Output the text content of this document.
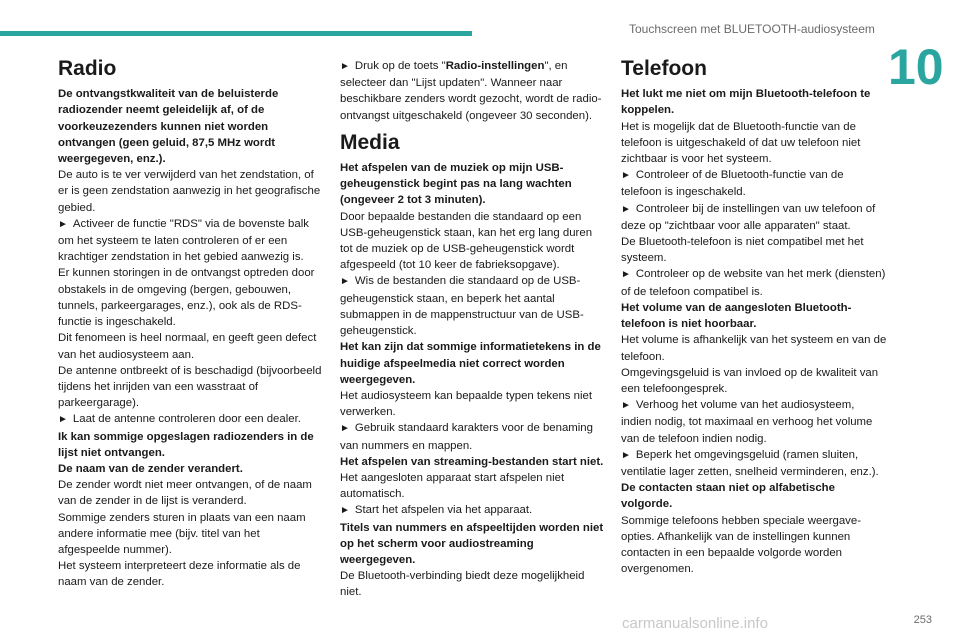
Touchscreen met BLUETOOTH-audiosysteem
10
Radio

De ontvangstkwaliteit van de beluisterde radiozender neemt geleidelijk af, of de voorkeuzezenders kunnen niet worden ontvangen (geen geluid, 87,5 MHz wordt weergegeven, enz.).

De auto is te ver verwijderd van het zendstation, of er is geen zendstation aanwezig in het geografische gebied.

► Activeer de functie "RDS" via de bovenste balk om het systeem te laten controleren of er een krachtiger zendstation in het gebied aanwezig is.

Er kunnen storingen in de ontvangst optreden door obstakels in de omgeving (bergen, gebouwen, tunnels, parkeergarages, enz.), ook als de RDS-functie is ingeschakeld.

Dit fenomeen is heel normaal, en geeft geen defect van het audiosysteem aan.

De antenne ontbreekt of is beschadigd (bijvoorbeeld tijdens het inrijden van een wasstraat of parkeergarage).

► Laat de antenne controleren door een dealer.

Ik kan sommige opgeslagen radiozenders in de lijst niet ontvangen.

De naam van de zender verandert.

De zender wordt niet meer ontvangen, of de naam van de zender in de lijst is veranderd.

Sommige zenders sturen in plaats van een naam andere informatie mee (bijv. titel van het afgespeelde nummer).

Het systeem interpreteert deze informatie als de naam van de zender.

► Druk op de toets "Radio-instellingen", en selecteer dan "Lijst updaten". Wanneer naar beschikbare zenders wordt gezocht, wordt de radio-ontvangst uitgeschakeld (ongeveer 30 seconden).

Media

Het afspelen van de muziek op mijn USB-geheugenstick begint pas na lang wachten (ongeveer 2 tot 3 minuten).

Door bepaalde bestanden die standaard op een USB-geheugenstick staan, kan het erg lang duren tot de muziek op de USB-geheugenstick wordt afgespeeld (tot 10 keer de fabrieksopgave).

► Wis de bestanden die standaard op de USB-geheugenstick staan, en beperk het aantal submappen in de mappenstructuur van de USB-geheugenstick.

Het kan zijn dat sommige informatietekens in de huidige afspeelmedia niet correct worden weergegeven.

Het audiosysteem kan bepaalde typen tekens niet verwerken.

► Gebruik standaard karakters voor de benaming van nummers en mappen.

Het afspelen van streaming-bestanden start niet.

Het aangesloten apparaat start afspelen niet automatisch.

► Start het afspelen via het apparaat.

Titels van nummers en afspeeltijden worden niet op het scherm voor audiostreaming weergegeven.

De Bluetooth-verbinding biedt deze mogelijkheid niet.

Telefoon

Het lukt me niet om mijn Bluetooth-telefoon te koppelen.

Het is mogelijk dat de Bluetooth-functie van de telefoon is uitgeschakeld of dat uw telefoon niet zichtbaar is voor het systeem.

► Controleer of de Bluetooth-functie van de telefoon is ingeschakeld.

► Controleer bij de instellingen van uw telefoon of deze op "zichtbaar voor alle apparaten" staat.

De Bluetooth-telefoon is niet compatibel met het systeem.

► Controleer op de website van het merk (diensten) of de telefoon compatibel is.

Het volume van de aangesloten Bluetooth-telefoon is niet hoorbaar.

Het volume is afhankelijk van het systeem en van de telefoon.

Omgevingsgeluid is van invloed op de kwaliteit van een telefoongesprek.

► Verhoog het volume van het audiosysteem, indien nodig, tot maximaal en verhoog het volume van de telefoon indien nodig.

► Beperk het omgevingsgeluid (ramen sluiten, ventilatie lager zetten, snelheid verminderen, enz.).

De contacten staan niet op alfabetische volgorde.

Sommige telefoons hebben speciale weergave-opties. Afhankelijk van de instellingen kunnen contacten in een bepaalde volgorde worden overgenomen.

carmanualsonline.info	253
